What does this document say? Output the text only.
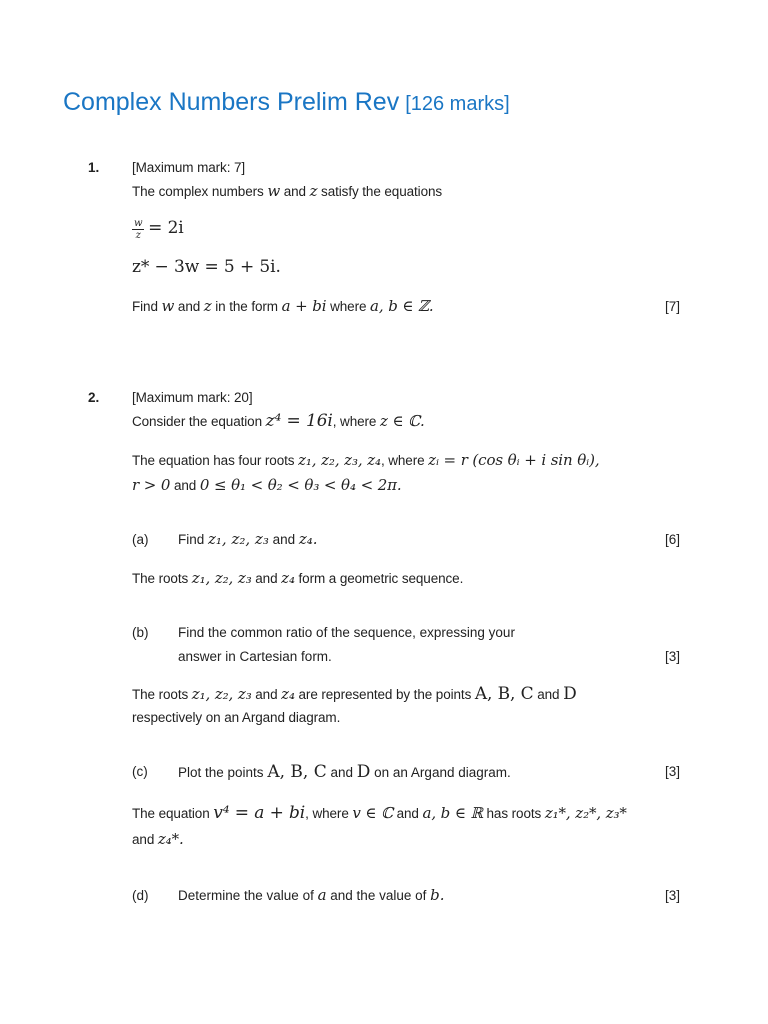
Complex Numbers Prelim Rev [126 marks]
1. [Maximum mark: 7]
The complex numbers w and z satisfy the equations
$\frac{w}{z} = 2i$
z* − 3w = 5 + 5i.
Find w and z in the form a + bi where a, b ∈ ℤ.	[7]
2. [Maximum mark: 20]
Consider the equation z⁴ = 16i, where z ∈ ℂ.
The equation has four roots z₁, z₂, z₃, z₄, where zᵢ = r (cos θᵢ + i sin θᵢ),
r > 0 and 0 ≤ θ₁ < θ₂ < θ₃ < θ₄ < 2π.
(a) Find z₁, z₂, z₃ and z₄.	[6]
The roots z₁, z₂, z₃ and z₄ form a geometric sequence.
(b) Find the common ratio of the sequence, expressing your
answer in Cartesian form.	[3]
The roots z₁, z₂, z₃ and z₄ are represented by the points A, B, C and D
respectively on an Argand diagram.
(c) Plot the points A, B, C and D on an Argand diagram.	[3]
The equation v⁴ = a + bi, where v ∈ ℂ and a, b ∈ ℝ has roots z₁*, z₂*, z₃*
and z₄*.
(d) Determine the value of a and the value of b.	[3]
